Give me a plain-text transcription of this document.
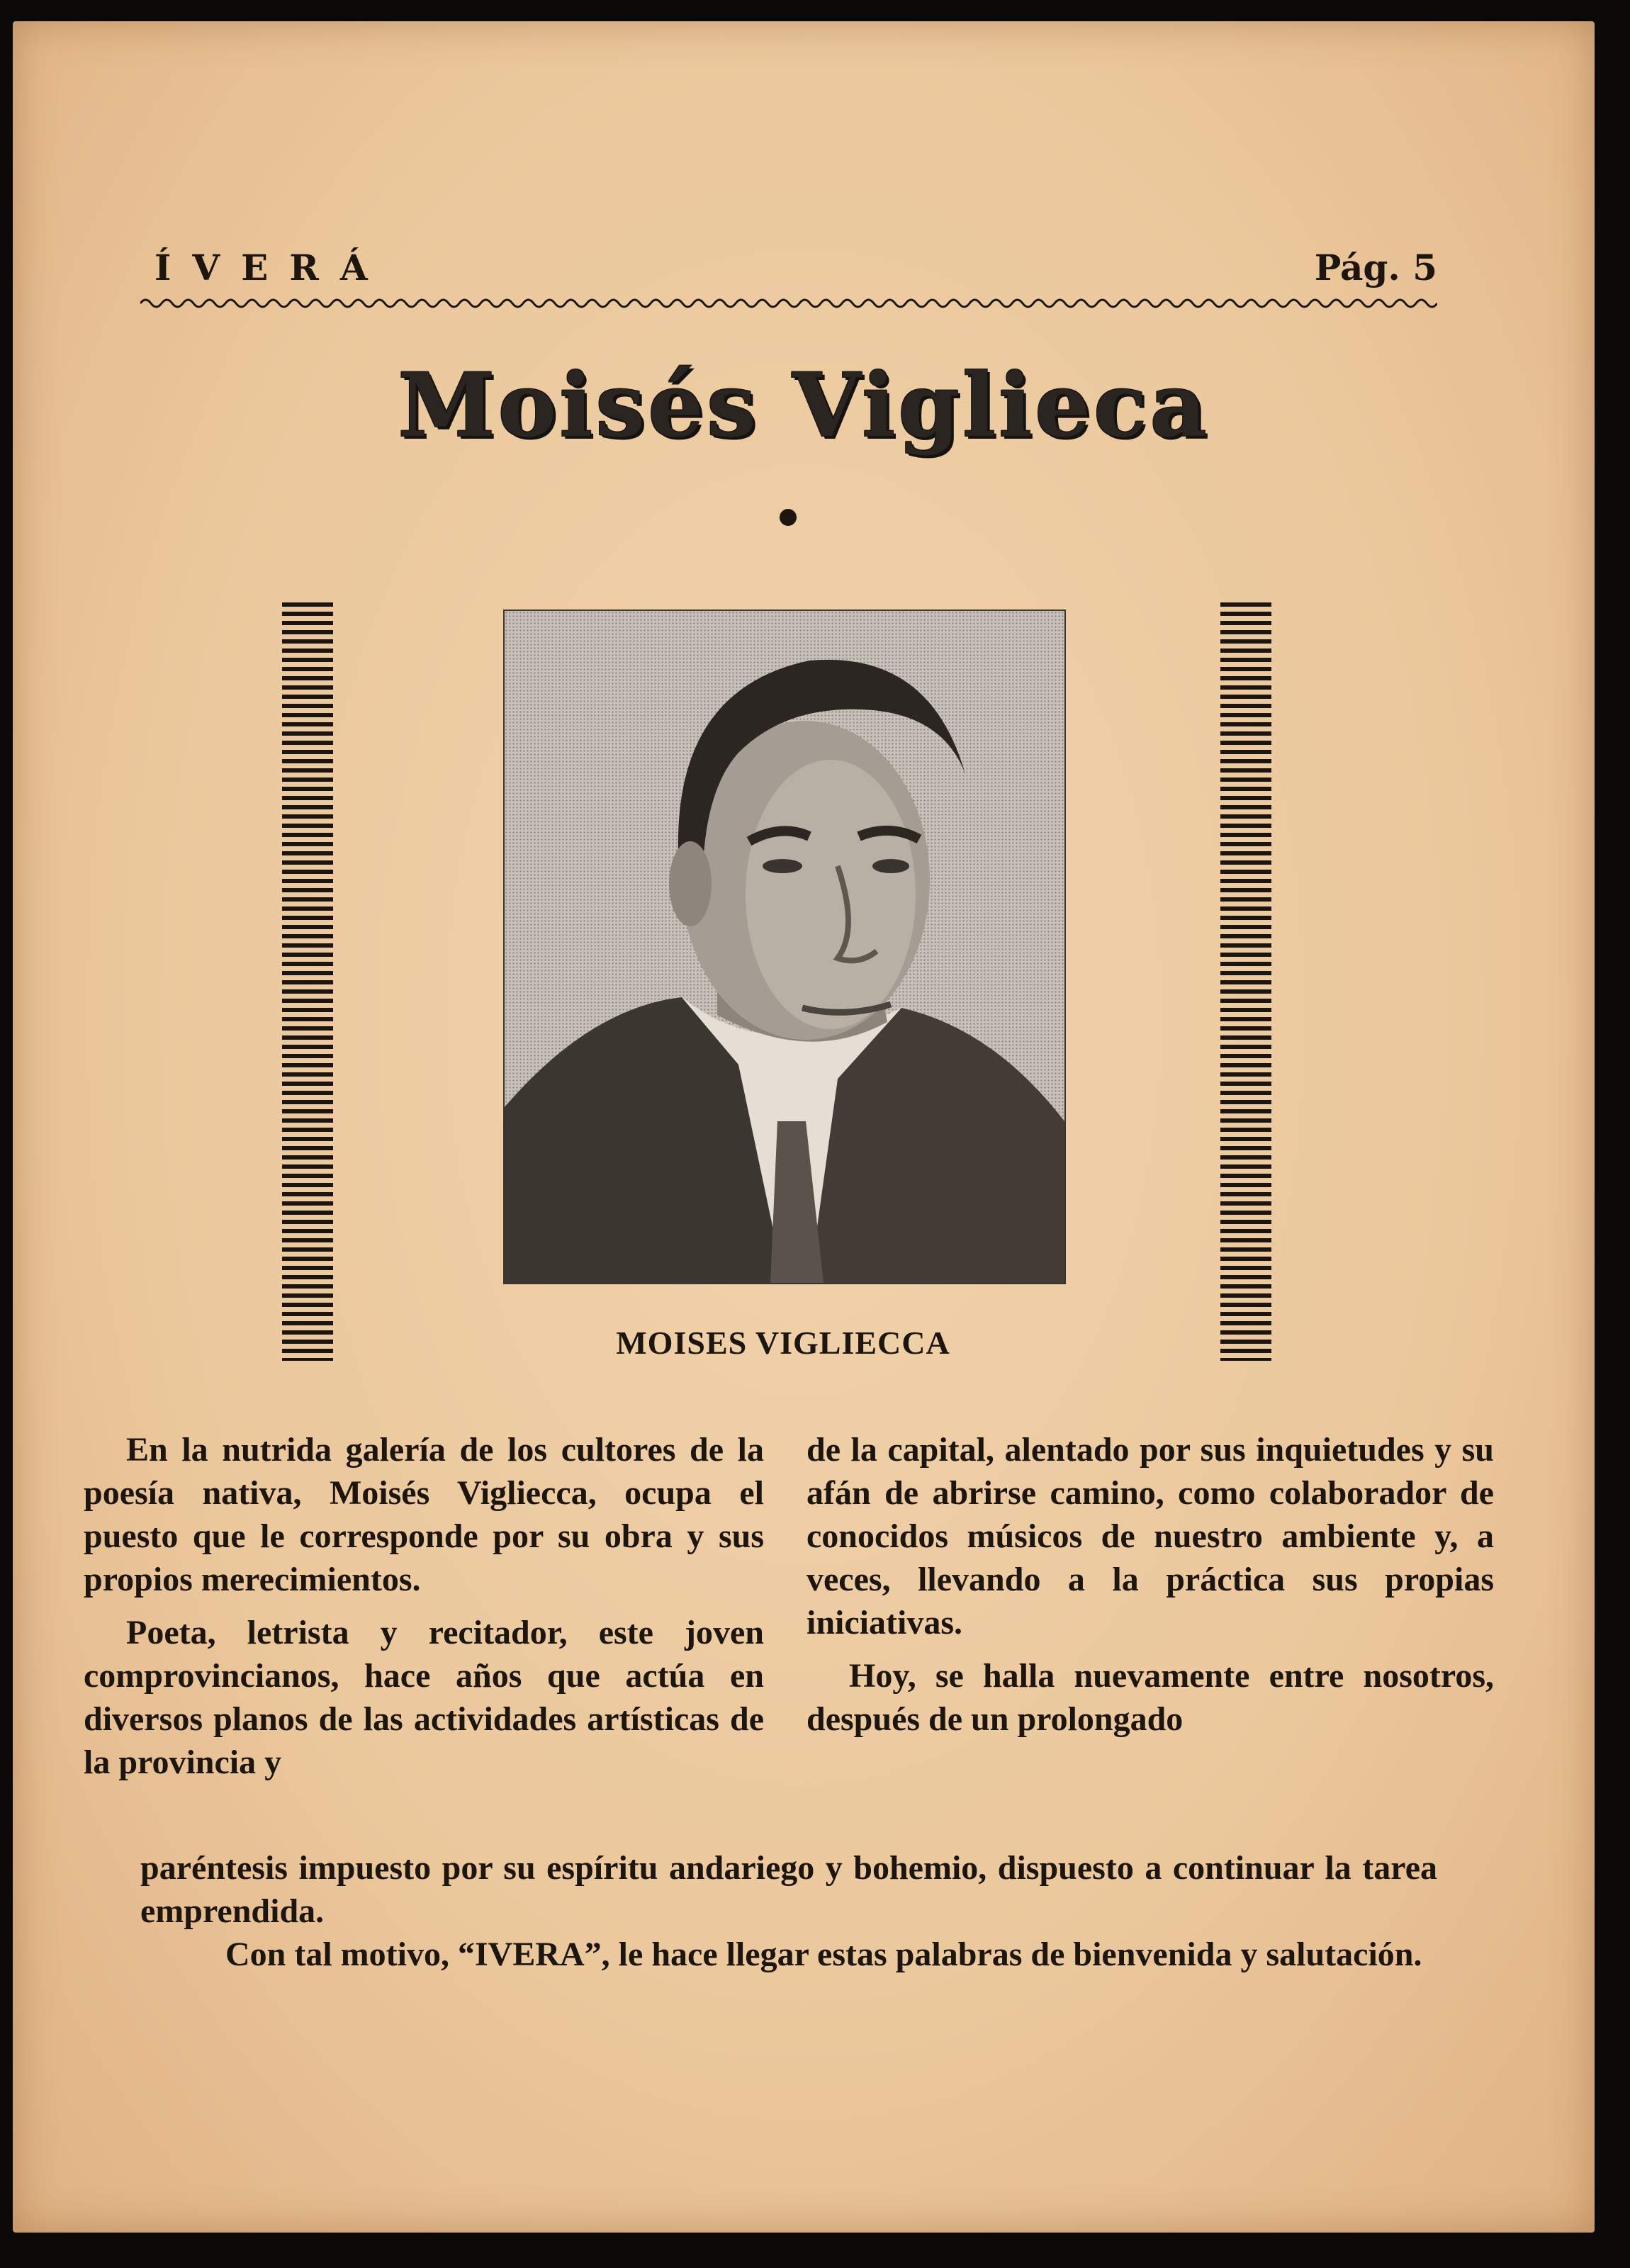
ÍVERÁ	Pág. 5
Moisés Viglieca
MOISES VIGLIECCA

En la nutrida galería de los cultores de la poesía nativa, Moisés Vigliecca, ocupa el puesto que le corresponde por su obra y sus propios merecimientos.

Poeta, letrista y recitador, este joven comprovincianos, hace años que actúa en diversos planos de las actividades artísticas de la provincia y

de la capital, alentado por sus inquietudes y su afán de abrirse camino, como colaborador de conocidos músicos de nuestro ambiente y, a veces, llevando a la práctica sus propias iniciativas.

Hoy, se halla nuevamente entre nosotros, después de un prolongado

paréntesis impuesto por su espíritu andariego y bohemio, dispuesto a continuar la tarea emprendida.

Con tal motivo, “IVERA”, le hace llegar estas palabras de bienvenida y salutación.
